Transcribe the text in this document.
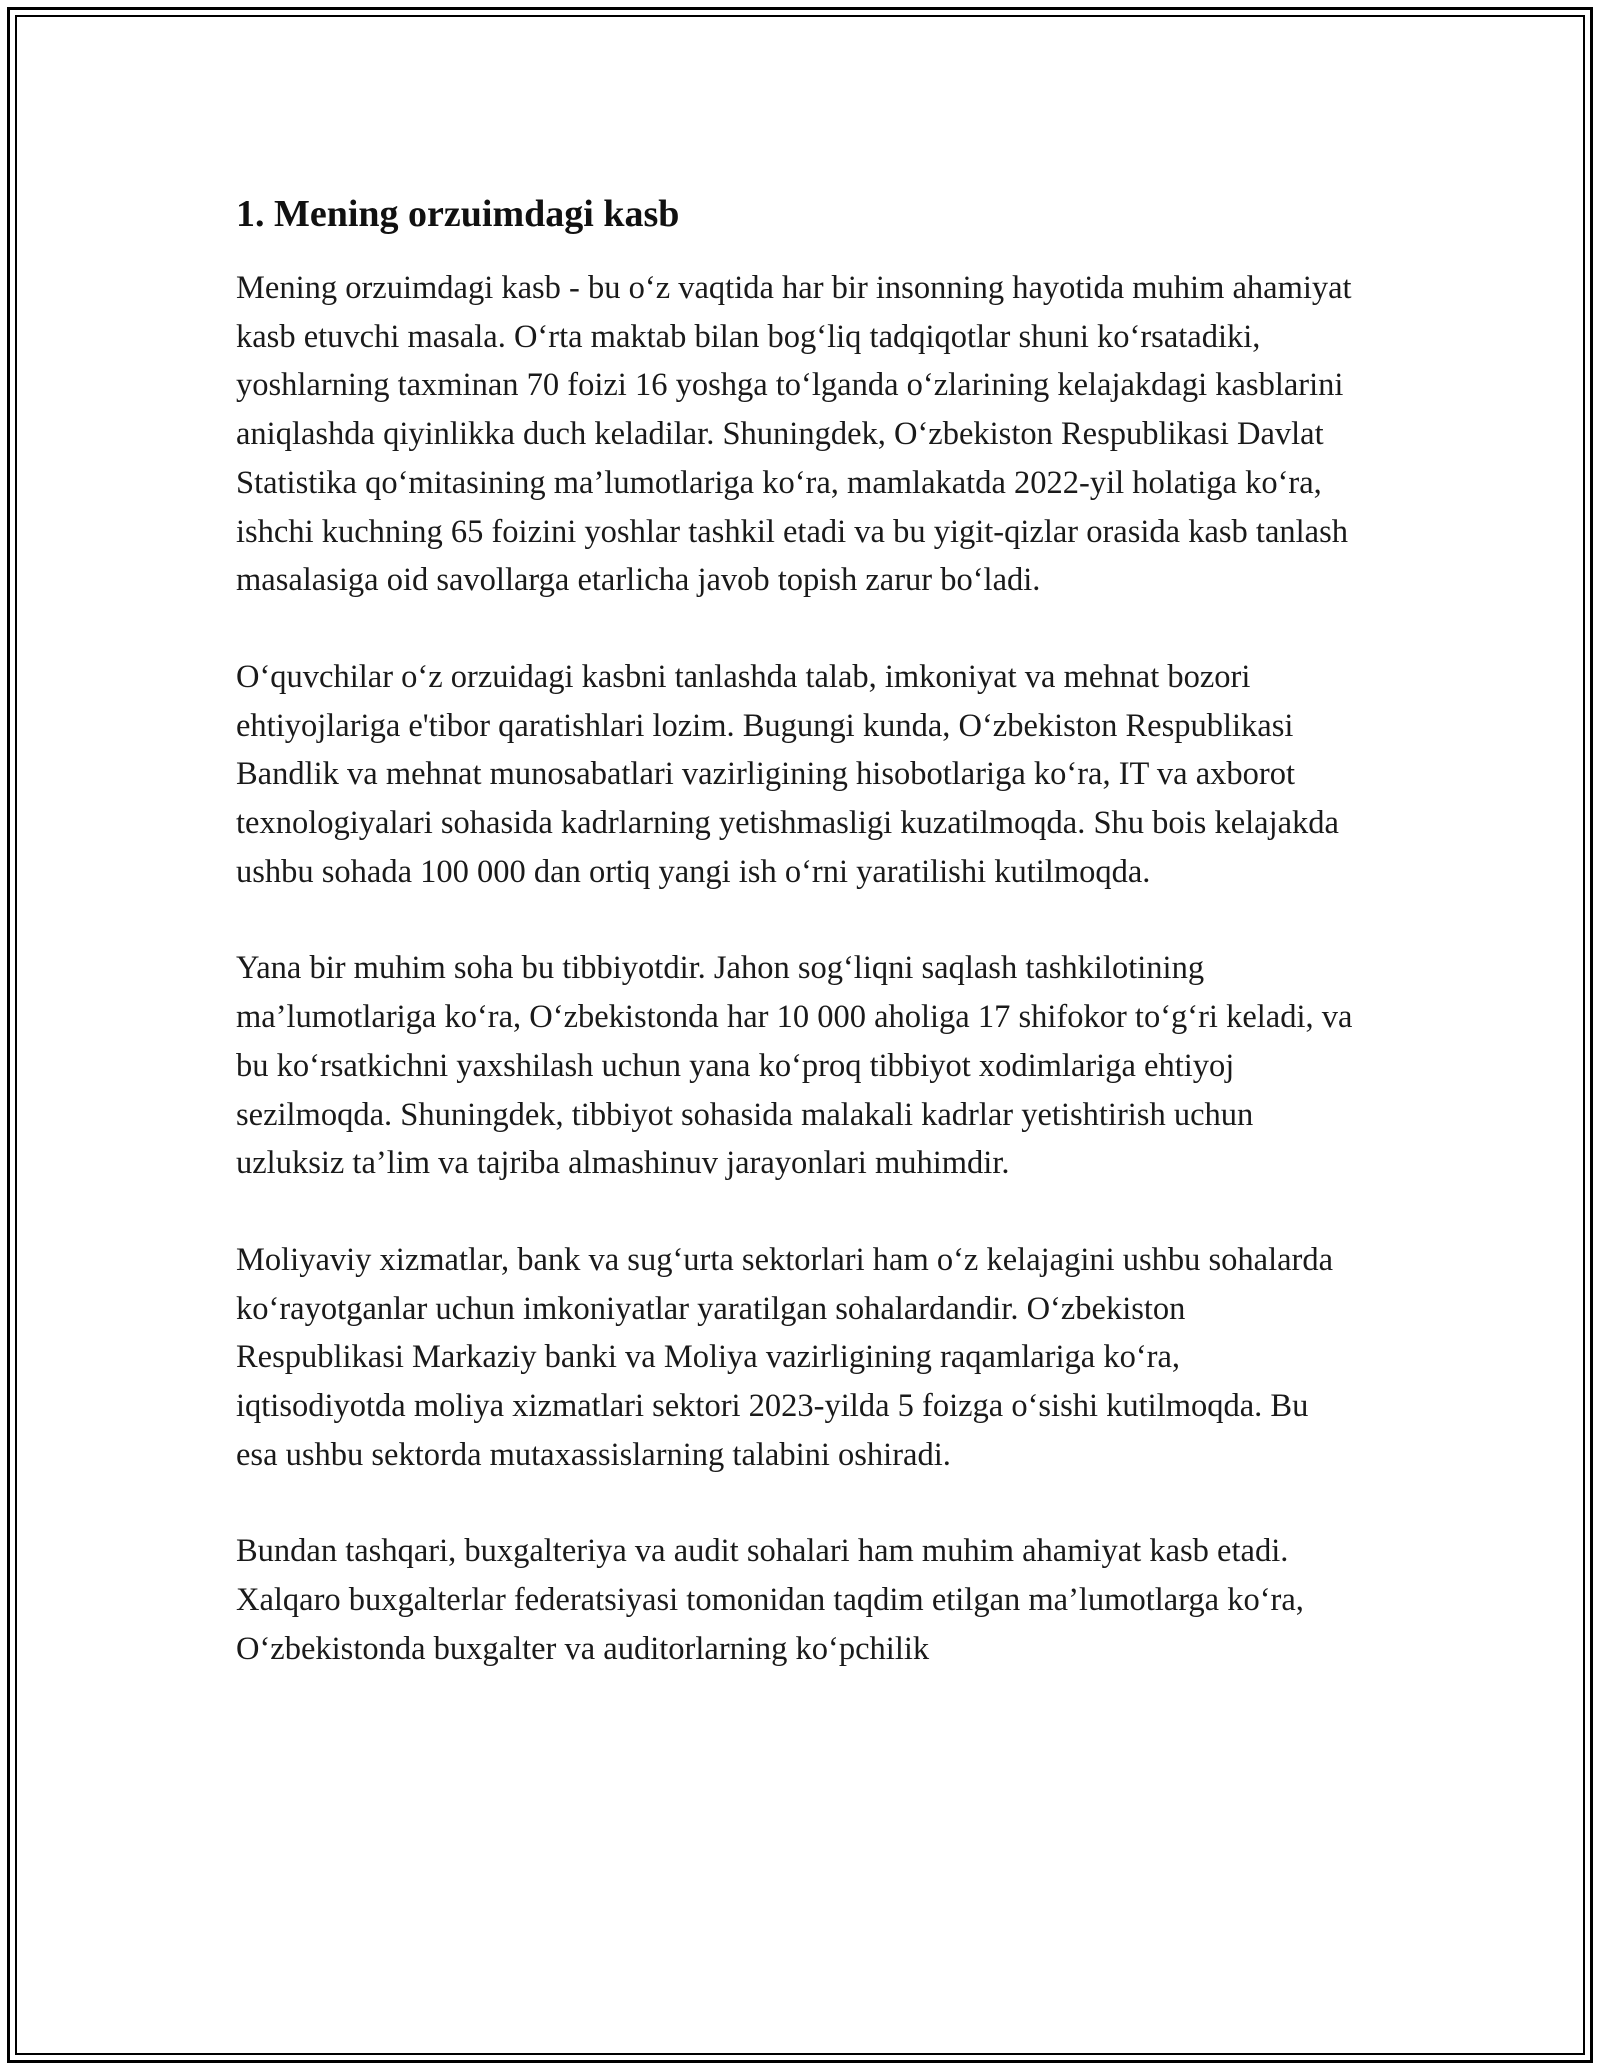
1. Mening orzuimdagi kasb

Mening orzuimdagi kasb - bu o‘z vaqtida har bir insonning hayotida muhim ahamiyat kasb etuvchi masala. O‘rta maktab bilan bog‘liq tadqiqotlar shuni ko‘rsatadiki, yoshlarning taxminan 70 foizi 16 yoshga to‘lganda o‘zlarining kelajakdagi kasblarini aniqlashda qiyinlikka duch keladilar. Shuningdek, O‘zbekiston Respublikasi Davlat Statistika qo‘mitasining ma’lumotlariga ko‘ra, mamlakatda 2022-yil holatiga ko‘ra, ishchi kuchning 65 foizini yoshlar tashkil etadi va bu yigit-qizlar orasida kasb tanlash masalasiga oid savollarga etarlicha javob topish zarur bo‘ladi.

O‘quvchilar o‘z orzuidagi kasbni tanlashda talab, imkoniyat va mehnat bozori ehtiyojlariga e'tibor qaratishlari lozim. Bugungi kunda, O‘zbekiston Respublikasi Bandlik va mehnat munosabatlari vazirligining hisobotlariga ko‘ra, IT va axborot texnologiyalari sohasida kadrlarning yetishmasligi kuzatilmoqda. Shu bois kelajakda ushbu sohada 100 000 dan ortiq yangi ish o‘rni yaratilishi kutilmoqda.

Yana bir muhim soha bu tibbiyotdir. Jahon sog‘liqni saqlash tashkilotining ma’lumotlariga ko‘ra, O‘zbekistonda har 10 000 aholiga 17 shifokor to‘g‘ri keladi, va bu ko‘rsatkichni yaxshilash uchun yana ko‘proq tibbiyot xodimlariga ehtiyoj sezilmoqda. Shuningdek, tibbiyot sohasida malakali kadrlar yetishtirish uchun uzluksiz ta’lim va tajriba almashinuv jarayonlari muhimdir.

Moliyaviy xizmatlar, bank va sug‘urta sektorlari ham o‘z kelajagini ushbu sohalarda ko‘rayotganlar uchun imkoniyatlar yaratilgan sohalardandir. O‘zbekiston Respublikasi Markaziy banki va Moliya vazirligining raqamlariga ko‘ra, iqtisodiyotda moliya xizmatlari sektori 2023-yilda 5 foizga o‘sishi kutilmoqda. Bu esa ushbu sektorda mutaxassislarning talabini oshiradi.

Bundan tashqari, buxgalteriya va audit sohalari ham muhim ahamiyat kasb etadi. Xalqaro buxgalterlar federatsiyasi tomonidan taqdim etilgan ma’lumotlarga ko‘ra, O‘zbekistonda buxgalter va auditorlarning ko‘pchilik
